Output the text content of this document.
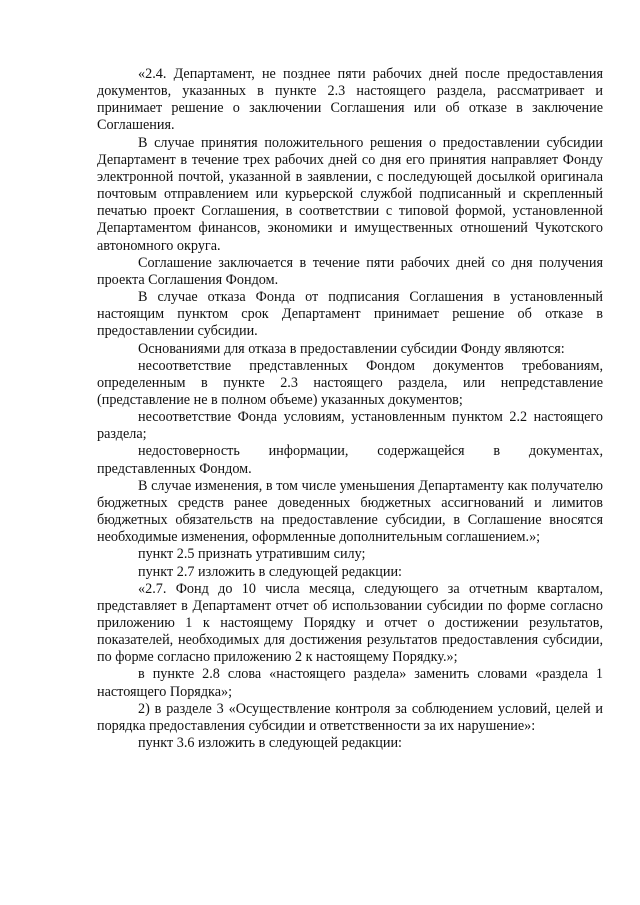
«2.4. Департамент, не позднее пяти рабочих дней после предоставления документов, указанных в пункте 2.3 настоящего раздела, рассматривает и принимает решение о заключении Соглашения или об отказе в заключение Соглашения.

В случае принятия положительного решения о предоставлении субсидии Департамент в течение трех рабочих дней со дня его принятия направляет Фонду электронной почтой, указанной в заявлении, с последующей досылкой оригинала почтовым отправлением или курьерской службой подписанный и скрепленный печатью проект Соглашения, в соответствии с типовой формой, установленной Департаментом финансов, экономики и имущественных отношений Чукотского автономного округа.

Соглашение заключается в течение пяти рабочих дней со дня получения проекта Соглашения Фондом.

В случае отказа Фонда от подписания Соглашения в установленный настоящим пунктом срок Департамент принимает решение об отказе в предоставлении субсидии.

Основаниями для отказа в предоставлении субсидии Фонду являются:

несоответствие представленных Фондом документов требованиям, определенным в пункте 2.3 настоящего раздела, или непредставление (представление не в полном объеме) указанных документов;

несоответствие Фонда условиям, установленным пунктом 2.2 настоящего раздела;

недостоверность информации, содержащейся в документах, представленных Фондом.

В случае изменения, в том числе уменьшения Департаменту как получателю бюджетных средств ранее доведенных бюджетных ассигнований и лимитов бюджетных обязательств на предоставление субсидии, в Соглашение вносятся необходимые изменения, оформленные дополнительным соглашением.»;

пункт 2.5 признать утратившим силу;

пункт 2.7 изложить в следующей редакции:

«2.7. Фонд до 10 числа месяца, следующего за отчетным кварталом, представляет в Департамент отчет об использовании субсидии по форме согласно приложению 1 к настоящему Порядку и отчет о достижении результатов, показателей, необходимых для достижения результатов предоставления субсидии, по форме согласно приложению 2 к настоящему Порядку.»;

в пункте 2.8 слова «настоящего раздела» заменить словами «раздела 1 настоящего Порядка»;

2) в разделе 3 «Осуществление контроля за соблюдением условий, целей и порядка предоставления субсидии и ответственности за их нарушение»:

пункт 3.6 изложить в следующей редакции:
